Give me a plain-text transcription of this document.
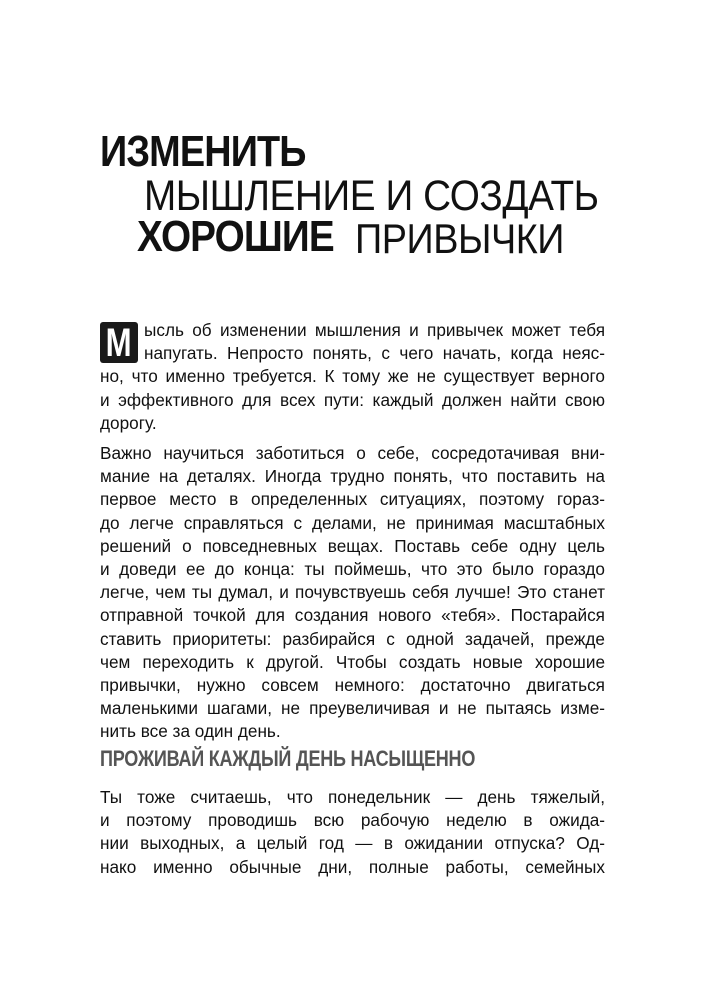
ИЗМЕНИТЬ
МЫШЛЕНИЕ И СОЗДАТЬ
ХОРОШИЕ ПРИВЫЧКИ
М ысль об изменении мышления и привычек может тебя
напугать. Непросто понять, с чего начать, когда неяс-
но, что именно требуется. К тому же не существует верного
и эффективного для всех пути: каждый должен найти свою
дорогу.
Важно научиться заботиться о себе, сосредотачивая вни-
мание на деталях. Иногда трудно понять, что поставить на
первое место в определенных ситуациях, поэтому горaз-
до легче справляться с делами, не принимая масштабных
решений о повседневных вещах. Поставь себе одну цель
и доведи ее до конца: ты поймешь, что это было гораздо
легче, чем ты думал, и почувствуешь себя лучше! Это станет
отправной точкой для создания нового «тебя». Постарайся
ставить приоритеты: разбирайся с одной задачей, прежде
чем переходить к другой. Чтобы создать новые хорошие
привычки, нужно совсем немного: достаточно двигаться
маленькими шагами, не преувеличивая и не пытаясь изме-
нить все за один день.
ПРОЖИВАЙ КАЖДЫЙ ДЕНЬ НАСЫЩЕННО
Ты тоже считаешь, что понедельник — день тяжелый,
и поэтому проводишь всю рабочую неделю в ожида-
нии выходных, а целый год — в ожидании отпуска? Од-
нако именно обычные дни, полные работы, семейных
